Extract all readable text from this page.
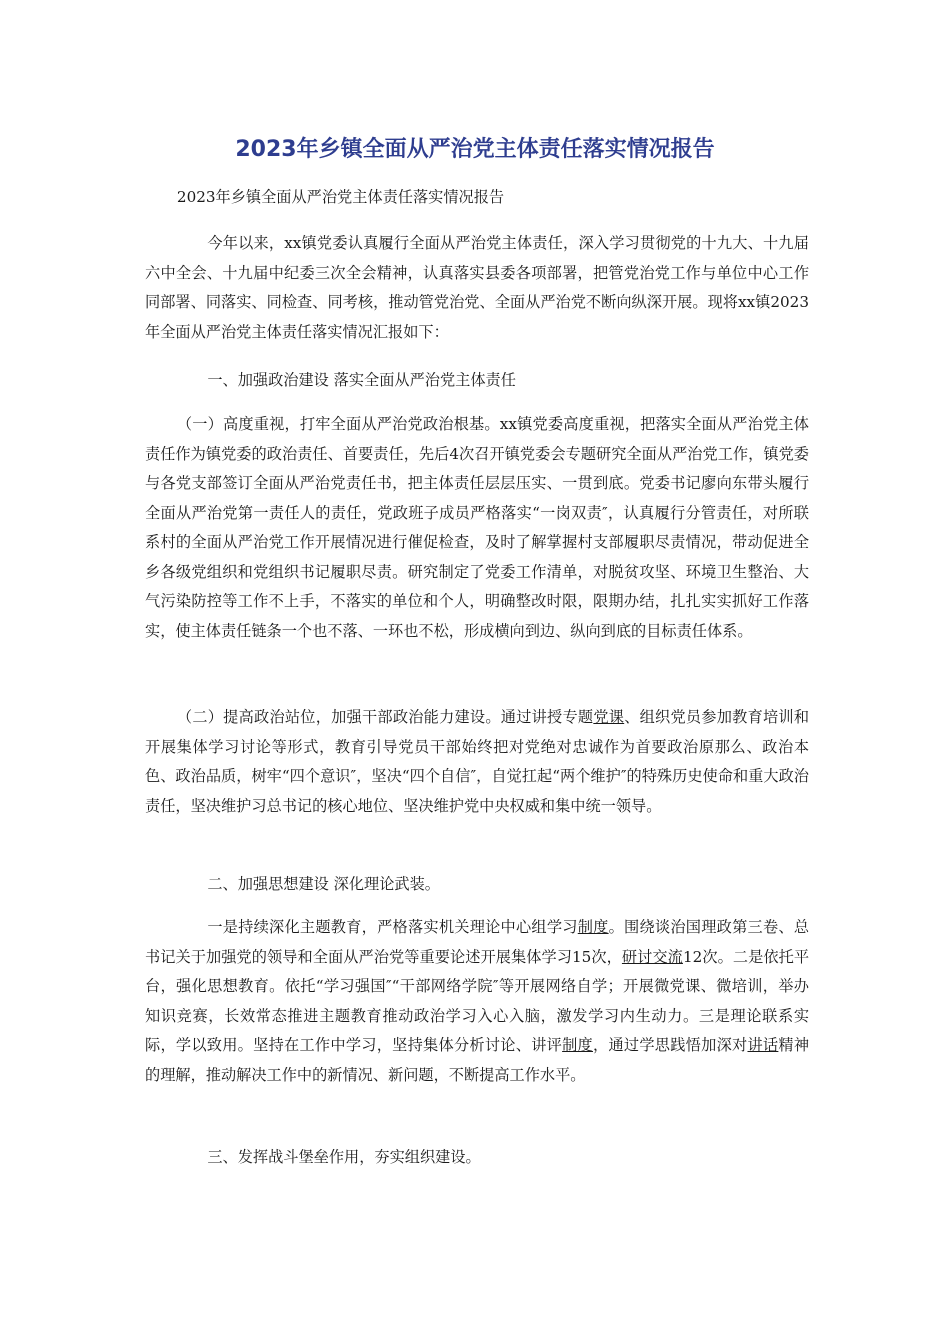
2023年乡镇全面从严治党主体责任落实情况报告

2023年乡镇全面从严治党主体责任落实情况报告

今年以来，xx镇党委认真履行全面从严治党主体责任，深入学习贯彻党的十九大、十九届六中全会、十九届中纪委三次全会精神，认真落实县委各项部署，把管党治党工作与单位中心工作同部署、同落实、同检查、同考核，推动管党治党、全面从严治党不断向纵深开展。现将xx镇2023年全面从严治党主体责任落实情况汇报如下：

一、加强政治建设 落实全面从严治党主体责任

（一）高度重视，打牢全面从严治党政治根基。xx镇党委高度重视，把落实全面从严治党主体责任作为镇党委的政治责任、首要责任，先后4次召开镇党委会专题研究全面从严治党工作，镇党委与各党支部签订全面从严治党责任书，把主体责任层层压实、一贯到底。党委书记廖向东带头履行全面从严治党第一责任人的责任，党政班子成员严格落实“一岗双责″，认真履行分管责任，对所联系村的全面从严治党工作开展情况进行催促检查，及时了解掌握村支部履职尽责情况，带动促进全乡各级党组织和党组织书记履职尽责。研究制定了党委工作清单，对脱贫攻坚、环境卫生整治、大气污染防控等工作不上手，不落实的单位和个人，明确整改时限，限期办结，扎扎实实抓好工作落实，使主体责任链条一个也不落、一环也不松，形成横向到边、纵向到底的目标责任体系。

（二）提高政治站位，加强干部政治能力建设。通过讲授专题党课、组织党员参加教育培训和开展集体学习讨论等形式，教育引导党员干部始终把对党绝对忠诚作为首要政治原那么、政治本色、政治品质，树牢“四个意识″，坚决“四个自信″，自觉扛起“两个维护″的特殊历史使命和重大政治责任，坚决维护习总书记的核心地位、坚决维护党中央权威和集中统一领导。

二、加强思想建设 深化理论武装。

一是持续深化主题教育，严格落实机关理论中心组学习制度。围绕谈治国理政第三卷、总书记关于加强党的领导和全面从严治党等重要论述开展集体学习15次，研讨交流12次。二是依托平台，强化思想教育。依托“学习强国″“干部网络学院″等开展网络自学；开展微党课、微培训，举办知识竞赛，长效常态推进主题教育推动政治学习入心入脑，激发学习内生动力。三是理论联系实际，学以致用。坚持在工作中学习，坚持集体分析讨论、讲评制度，通过学思践悟加深对讲话精神的理解，推动解决工作中的新情况、新问题，不断提高工作水平。

三、发挥战斗堡垒作用，夯实组织建设。
